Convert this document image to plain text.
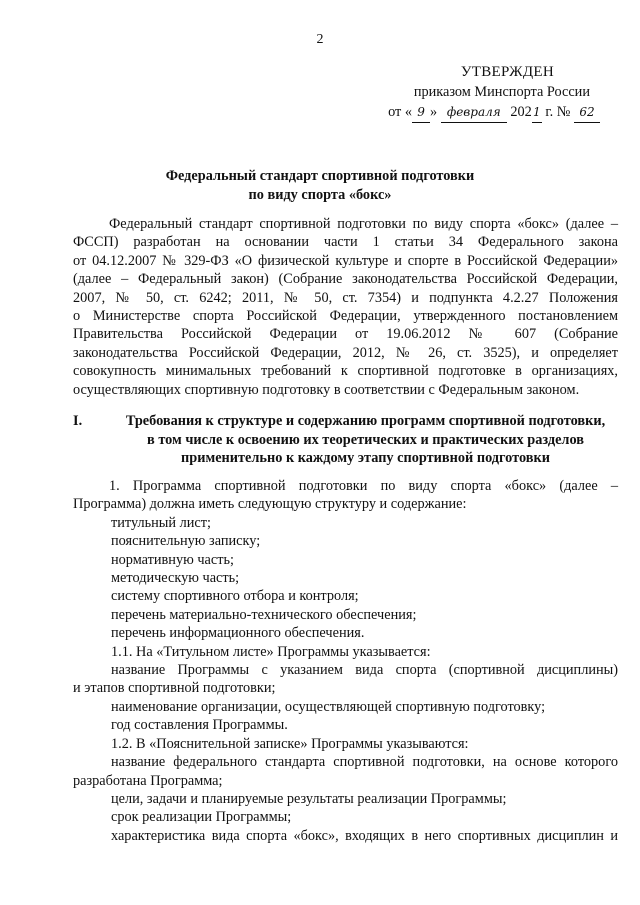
2
УТВЕРЖДЕН
приказом Минспорта России
от « 9 » февраля 2021 г. № 62
Федеральный стандарт спортивной подготовки
по виду спорта «бокс»
Федеральный стандарт спортивной подготовки по виду спорта «бокс» (далее –
ФССП) разработан на основании части 1 статьи 34 Федерального закона
от 04.12.2007 № 329-ФЗ «О физической культуре и спорте в Российской Федерации»
(далее – Федеральный закон) (Собрание законодательства Российской Федерации,
2007, № 50, ст. 6242; 2011, № 50, ст. 7354) и подпункта 4.2.27 Положения
о Министерстве спорта Российской Федерации, утвержденного постановлением
Правительства Российской Федерации от 19.06.2012 № 607 (Собрание
законодательства Российской Федерации, 2012, № 26, ст. 3525), и определяет
совокупность минимальных требований к спортивной подготовке в организациях,
осуществляющих спортивную подготовку в соответствии с Федеральным законом.
I.	Требования к структуре и содержанию программ спортивной подготовки,
в том числе к освоению их теоретических и практических разделов
применительно к каждому этапу спортивной подготовки
1. Программа спортивной подготовки по виду спорта «бокс» (далее –
Программа) должна иметь следующую структуру и содержание:
титульный лист;
пояснительную записку;
нормативную часть;
методическую часть;
систему спортивного отбора и контроля;
перечень материально-технического обеспечения;
перечень информационного обеспечения.
1.1. На «Титульном листе» Программы указывается:
название Программы с указанием вида спорта (спортивной дисциплины)
и этапов спортивной подготовки;
наименование организации, осуществляющей спортивную подготовку;
год составления Программы.
1.2. В «Пояснительной записке» Программы указываются:
название федерального стандарта спортивной подготовки, на основе которого
разработана Программа;
цели, задачи и планируемые результаты реализации Программы;
срок реализации Программы;
характеристика вида спорта «бокс», входящих в него спортивных дисциплин и
